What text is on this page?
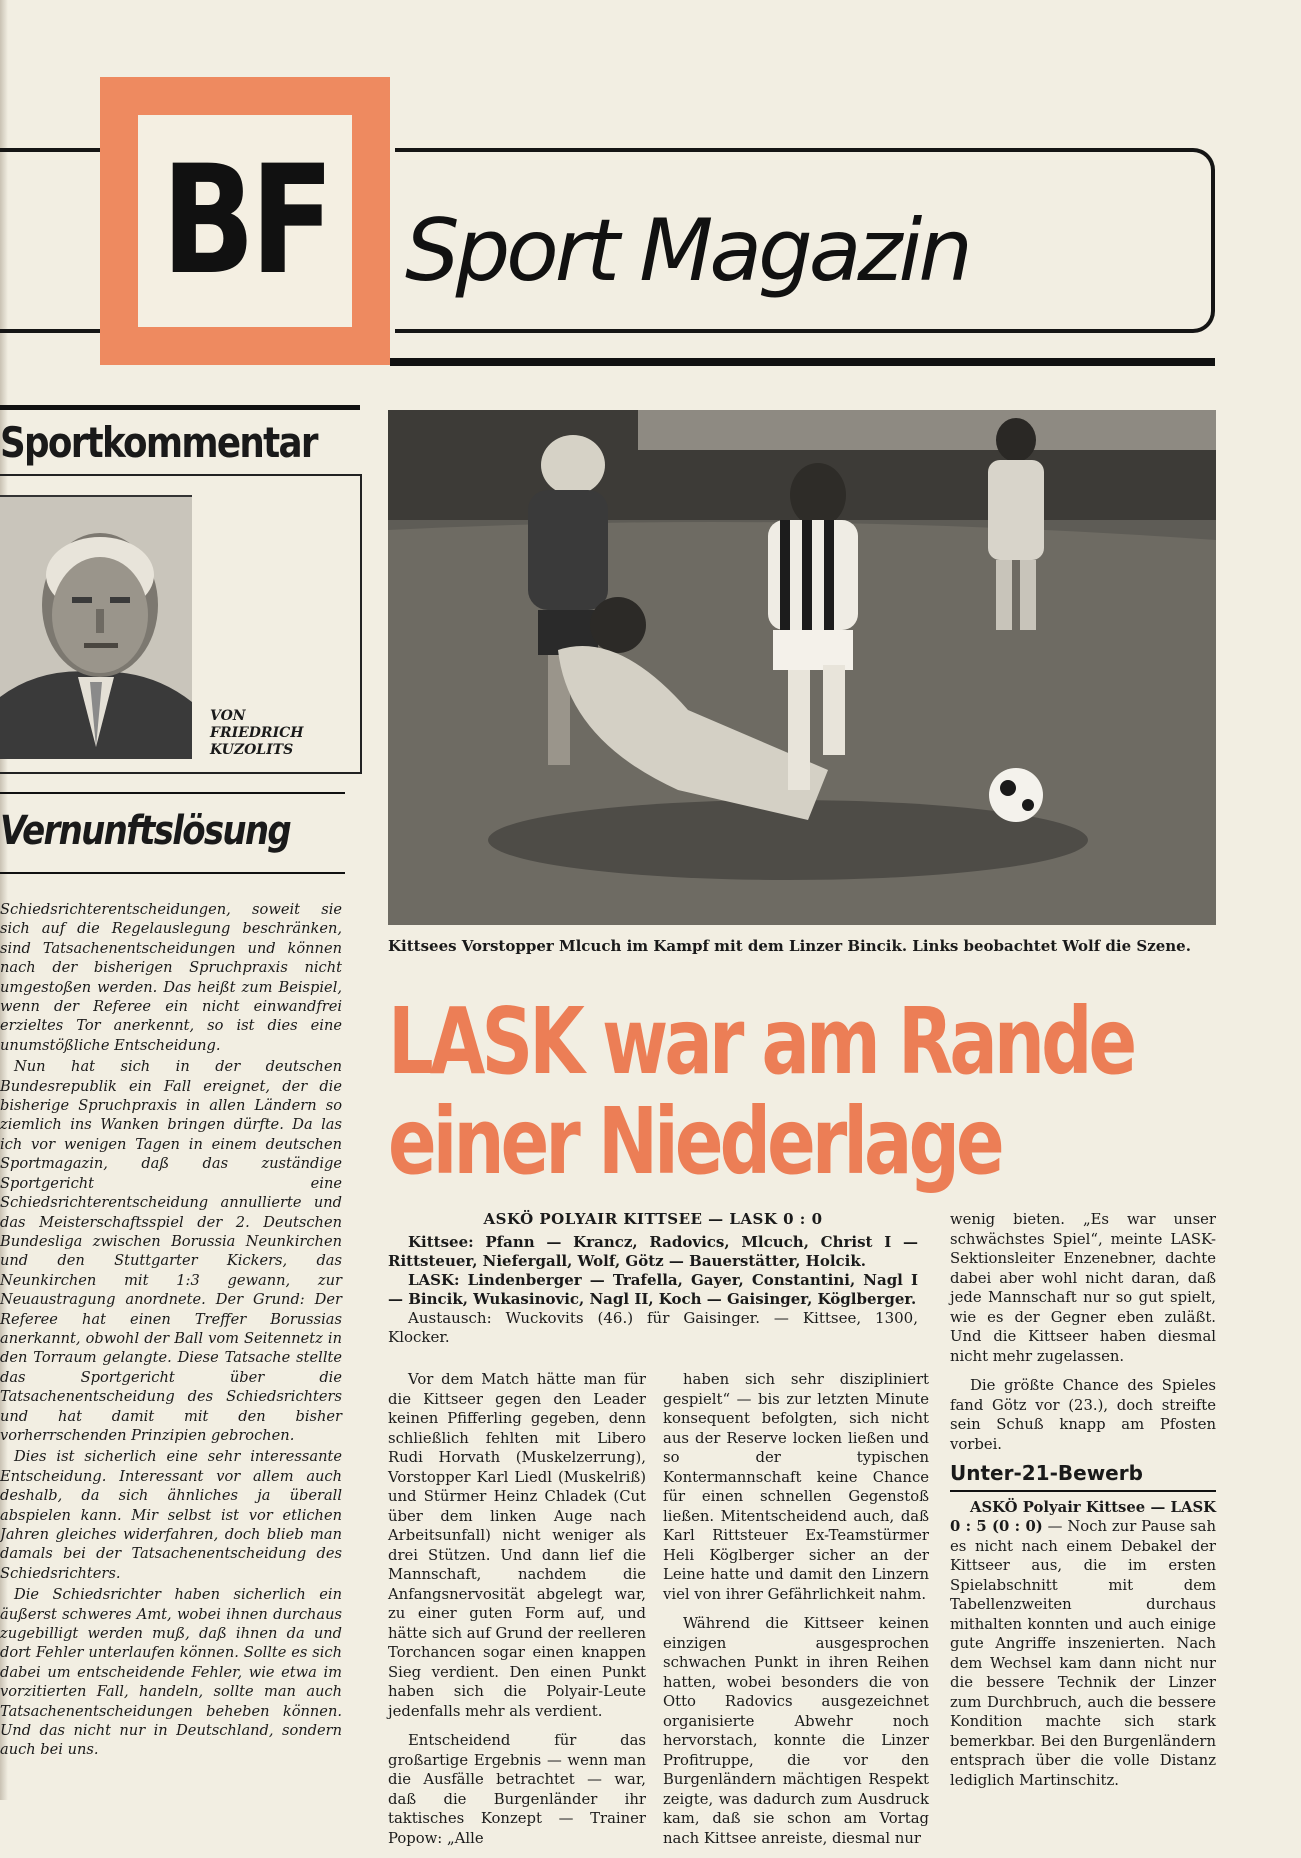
BF Sport Magazin
Sportkommentar
VON
FRIEDRICH
KUZOLITS
Vernunftslösung

Schiedsrichterentscheidungen, soweit sie sich auf die Regelauslegung beschränken, sind Tatsachenentscheidungen und können nach der bisherigen Spruchpraxis nicht umgestoßen werden. Das heißt zum Beispiel, wenn der Referee ein nicht einwandfrei erzieltes Tor anerkennt, so ist dies eine unumstößliche Entscheidung.

Nun hat sich in der deutschen Bundesrepublik ein Fall ereignet, der die bisherige Spruchpraxis in allen Ländern so ziemlich ins Wanken bringen dürfte. Da las ich vor wenigen Tagen in einem deutschen Sportmagazin, daß das zuständige Sportgericht eine Schiedsrichterentscheidung annullierte und das Meisterschaftsspiel der 2. Deutschen Bundesliga zwischen Borussia Neunkirchen und den Stuttgarter Kickers, das Neunkirchen mit 1:3 gewann, zur Neuaustragung anordnete. Der Grund: Der Referee hat einen Treffer Borussias anerkannt, obwohl der Ball vom Seitennetz in den Torraum gelangte. Diese Tatsache stellte das Sportgericht über die Tatsachenentscheidung des Schiedsrichters und hat damit mit den bisher vorherrschenden Prinzipien gebrochen.

Dies ist sicherlich eine sehr interessante Entscheidung. Interessant vor allem auch deshalb, da sich ähnliches ja überall abspielen kann. Mir selbst ist vor etlichen Jahren gleiches widerfahren, doch blieb man damals bei der Tatsachenentscheidung des Schiedsrichters.

Die Schiedsrichter haben sicherlich ein äußerst schweres Amt, wobei ihnen durchaus zugebilligt werden muß, daß ihnen da und dort Fehler unterlaufen können. Sollte es sich dabei um entscheidende Fehler, wie etwa im vorzitierten Fall, handeln, sollte man auch Tatsachenentscheidungen beheben können. Und das nicht nur in Deutschland, sondern auch bei uns.

Kittsees Vorstopper Mlcuch im Kampf mit dem Linzer Bincik. Links beobachtet Wolf die Szene.
LASK war am Rande
einer Niederlage
ASKÖ POLYAIR KITTSEE — LASK 0 : 0

Kittsee: Pfann — Krancz, Radovics, Mlcuch, Christ I — Rittsteuer, Niefergall, Wolf, Götz — Bauerstätter, Holcik.

LASK: Lindenberger — Trafella, Gayer, Constantini, Nagl I — Bincik, Wukasinovic, Nagl II, Koch — Gaisinger, Köglberger.

Austausch: Wuckovits (46.) für Gaisinger. — Kittsee, 1300, Klocker.

Vor dem Match hätte man für die Kittseer gegen den Leader keinen Pfifferling gegeben, denn schließlich fehlten mit Libero Rudi Horvath (Muskelzerrung), Vorstopper Karl Liedl (Muskelriß) und Stürmer Heinz Chladek (Cut über dem linken Auge nach Arbeitsunfall) nicht weniger als drei Stützen. Und dann lief die Mannschaft, nachdem die Anfangsnervosität abgelegt war, zu einer guten Form auf, und hätte sich auf Grund der reelleren Torchancen sogar einen knappen Sieg verdient. Den einen Punkt haben sich die Polyair-Leute jedenfalls mehr als verdient.

Entscheidend für das großartige Ergebnis — wenn man die Ausfälle betrachtet — war, daß die Burgenländer ihr taktisches Konzept — Trainer Popow: „Alle

haben sich sehr diszipliniert gespielt“ — bis zur letzten Minute konsequent befolgten, sich nicht aus der Reserve locken ließen und so der typischen Kontermannschaft keine Chance für einen schnellen Gegenstoß ließen. Mitentscheidend auch, daß Karl Rittsteuer Ex-Teamstürmer Heli Köglberger sicher an der Leine hatte und damit den Linzern viel von ihrer Gefährlichkeit nahm.

Während die Kittseer keinen einzigen ausgesprochen schwachen Punkt in ihren Reihen hatten, wobei besonders die von Otto Radovics ausgezeichnet organisierte Abwehr noch hervorstach, konnte die Linzer Profitruppe, die vor den Burgenländern mächtigen Respekt zeigte, was dadurch zum Ausdruck kam, daß sie schon am Vortag nach Kittsee anreiste, diesmal nur

wenig bieten. „Es war unser schwächstes Spiel“, meinte LASK-Sektionsleiter Enzenebner, dachte dabei aber wohl nicht daran, daß jede Mannschaft nur so gut spielt, wie es der Gegner eben zuläßt. Und die Kittseer haben diesmal nicht mehr zugelassen.

Die größte Chance des Spieles fand Götz vor (23.), doch streifte sein Schuß knapp am Pfosten vorbei.

Unter-21-Bewerb

ASKÖ Polyair Kittsee — LASK 0 : 5 (0 : 0) — Noch zur Pause sah es nicht nach einem Debakel der Kittseer aus, die im ersten Spielabschnitt mit dem Tabellenzweiten durchaus mithalten konnten und auch einige gute Angriffe inszenierten. Nach dem Wechsel kam dann nicht nur die bessere Technik der Linzer zum Durchbruch, auch die bessere Kondition machte sich stark bemerkbar. Bei den Burgenländern entsprach über die volle Distanz lediglich Martinschitz.
